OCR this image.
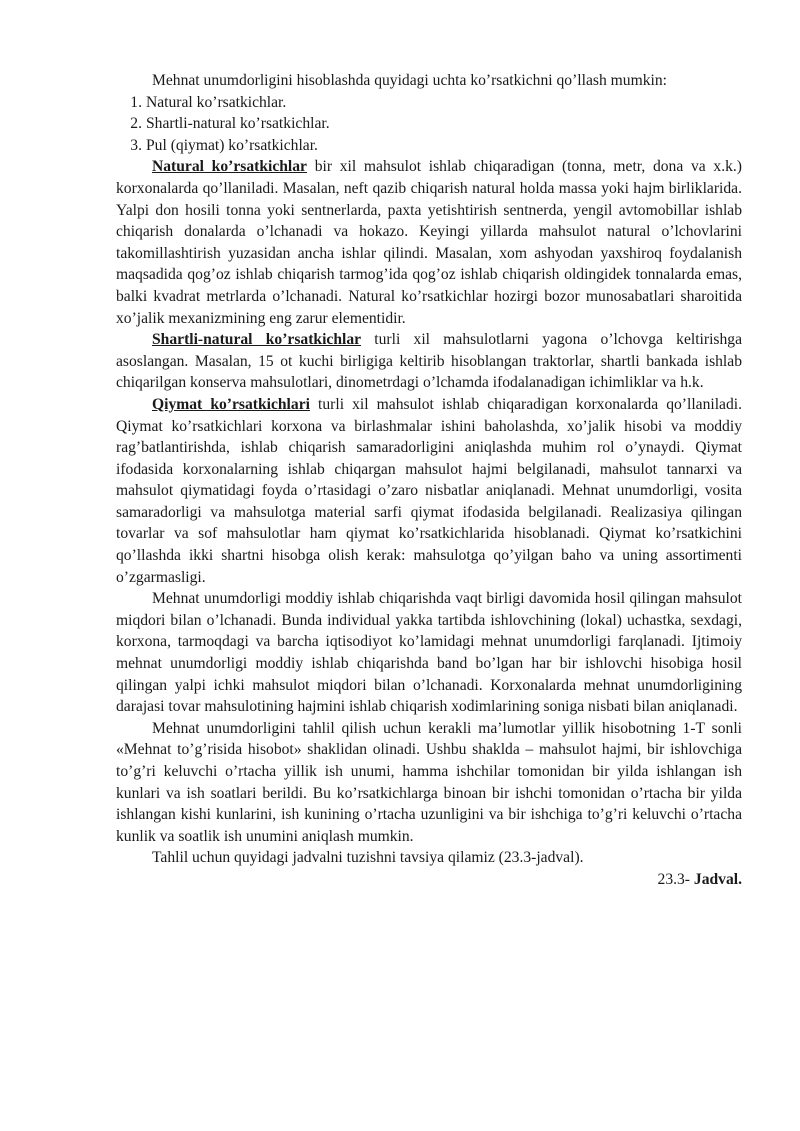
Mehnat unumdorligini hisoblashda quyidagi uchta ko’rsatkichni qo’llash mumkin:

1. Natural ko’rsatkichlar.
2. Shartli-natural ko’rsatkichlar.
3. Pul (qiymat) ko’rsatkichlar.

Natural ko’rsatkichlar bir xil mahsulot ishlab chiqaradigan (tonna, metr, dona va x.k.) korxonalarda qo’llaniladi. Masalan, neft qazib chiqarish natural holda massa yoki hajm birliklarida. Yalpi don hosili tonna yoki sentnerlarda, paxta yetishtirish sentnerda, yengil avtomobillar ishlab chiqarish donalarda o’lchanadi va hokazo. Keyingi yillarda mahsulot natural o’lchovlarini takomillashtirish yuzasidan ancha ishlar qilindi. Masalan, xom ashyodan yaxshiroq foydalanish maqsadida qog’oz ishlab chiqarish tarmog’ida qog’oz ishlab chiqarish oldingidek tonnalarda emas, balki kvadrat metrlarda o’lchanadi. Natural ko’rsatkichlar hozirgi bozor munosabatlari sharoitida xo’jalik mexanizmining eng zarur elementidir.

Shartli-natural ko’rsatkichlar turli xil mahsulotlarni yagona o’lchovga keltirishga asoslangan. Masalan, 15 ot kuchi birligiga keltirib hisoblangan traktorlar, shartli bankada ishlab chiqarilgan konserva mahsulotlari, dinometrdagi o’lchamda ifodalanadigan ichimliklar va h.k.

Qiymat ko’rsatkichlari turli xil mahsulot ishlab chiqaradigan korxonalarda qo’llaniladi. Qiymat ko’rsatkichlari korxona va birlashmalar ishini baholashda, xo’jalik hisobi va moddiy rag’batlantirishda, ishlab chiqarish samaradorligini aniqlashda muhim rol o’ynaydi. Qiymat ifodasida korxonalarning ishlab chiqargan mahsulot hajmi belgilanadi, mahsulot tannarxi va mahsulot qiymatidagi foyda o’rtasidagi o’zaro nisbatlar aniqlanadi. Mehnat unumdorligi, vosita samaradorligi va mahsulotga material sarfi qiymat ifodasida belgilanadi. Realizasiya qilingan tovarlar va sof mahsulotlar ham qiymat ko’rsatkichlarida hisoblanadi. Qiymat ko’rsatkichini qo’llashda ikki shartni hisobga olish kerak: mahsulotga qo’yilgan baho va uning assortimenti o’zgarmasligi.

Mehnat unumdorligi moddiy ishlab chiqarishda vaqt birligi davomida hosil qilingan mahsulot miqdori bilan o’lchanadi. Bunda individual yakka tartibda ishlovchining (lokal) uchastka, sexdagi, korxona, tarmoqdagi va barcha iqtisodiyot ko’lamidagi mehnat unumdorligi farqlanadi. Ijtimoiy mehnat unumdorligi moddiy ishlab chiqarishda band bo’lgan har bir ishlovchi hisobiga hosil qilingan yalpi ichki mahsulot miqdori bilan o’lchanadi. Korxonalarda mehnat unumdorligining darajasi tovar mahsulotining hajmini ishlab chiqarish xodimlarining soniga nisbati bilan aniqlanadi.

Mehnat unumdorligini tahlil qilish uchun kerakli ma’lumotlar yillik hisobotning 1-T sonli «Mehnat to’g’risida hisobot» shaklidan olinadi. Ushbu shaklda – mahsulot hajmi, bir ishlovchiga to’g’ri keluvchi o’rtacha yillik ish unumi, hamma ishchilar tomonidan bir yilda ishlangan ish kunlari va ish soatlari berildi. Bu ko’rsatkichlarga binoan bir ishchi tomonidan o’rtacha bir yilda ishlangan kishi kunlarini, ish kunining o’rtacha uzunligini va bir ishchiga to’g’ri keluvchi o’rtacha kunlik va soatlik ish unumini aniqlash mumkin.

Tahlil uchun quyidagi jadvalni tuzishni tavsiya qilamiz (23.3-jadval).

23.3- Jadval.
